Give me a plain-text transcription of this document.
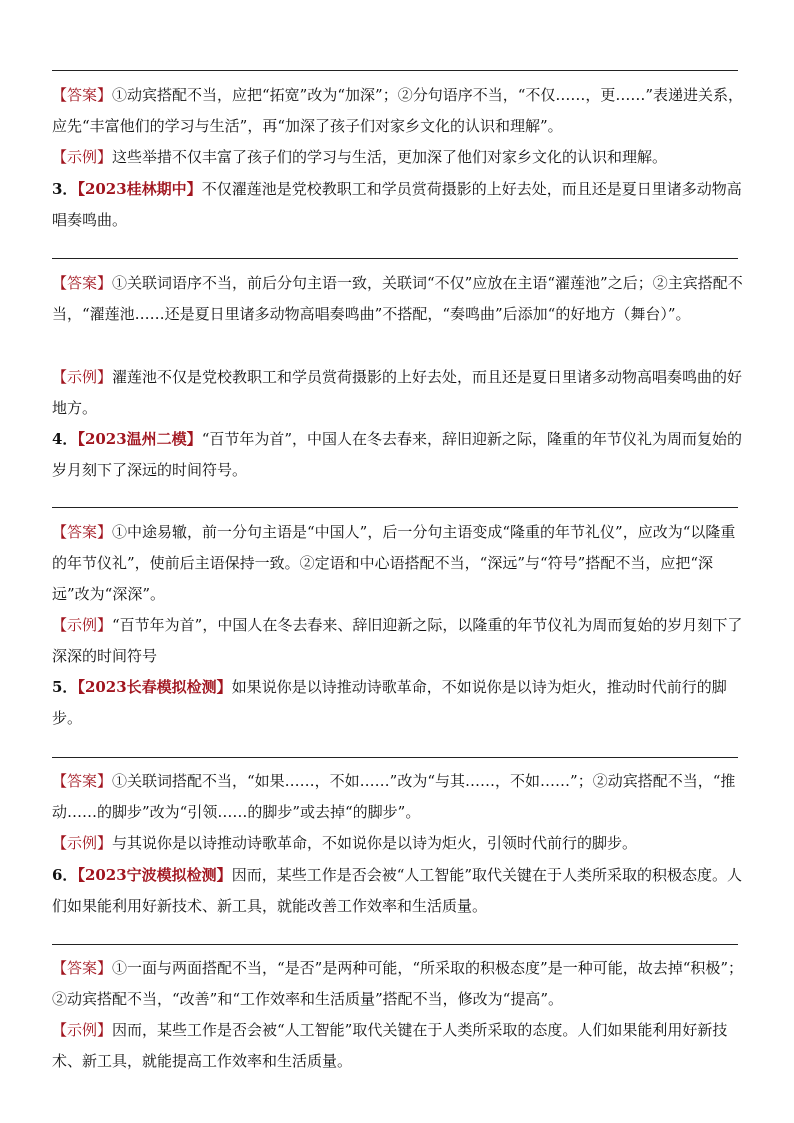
【答案】①动宾搭配不当，应把“拓宽”改为“加深”；②分句语序不当，“不仅……，更……”表递进关系，应先“丰富他们的学习与生活”，再“加深了孩子们对家乡文化的认识和理解”。

【示例】这些举措不仅丰富了孩子们的学习与生活，更加深了他们对家乡文化的认识和理解。

3．【2023桂林期中】不仅濯莲池是党校教职工和学员赏荷摄影的上好去处，而且还是夏日里诸多动物高唱奏鸣曲。

【答案】①关联词语序不当，前后分句主语一致，关联词“不仅”应放在主语“濯莲池”之后；②主宾搭配不当，“濯莲池……还是夏日里诸多动物高唱奏鸣曲”不搭配，“奏鸣曲”后添加“的好地方（舞台）”。

【示例】濯莲池不仅是党校教职工和学员赏荷摄影的上好去处，而且还是夏日里诸多动物高唱奏鸣曲的好地方。

4．【2023温州二模】“百节年为首”，中国人在冬去春来，辞旧迎新之际，隆重的年节仪礼为周而复始的岁月刻下了深远的时间符号。

【答案】①中途易辙，前一分句主语是“中国人”，后一分句主语变成“隆重的年节礼仪”，应改为“以隆重的年节仪礼”，使前后主语保持一致。②定语和中心语搭配不当，“深远”与“符号”搭配不当，应把“深远”改为“深深”。

【示例】“百节年为首”，中国人在冬去春来、辞旧迎新之际，以隆重的年节仪礼为周而复始的岁月刻下了深深的时间符号

5．【2023长春模拟检测】如果说你是以诗推动诗歌革命，不如说你是以诗为炬火，推动时代前行的脚步。

【答案】①关联词搭配不当，“如果……，不如……”改为“与其……，不如……”；②动宾搭配不当，“推动……的脚步”改为“引领……的脚步”或去掉“的脚步”。

【示例】与其说你是以诗推动诗歌革命，不如说你是以诗为炬火，引领时代前行的脚步。

6．【2023宁波模拟检测】因而，某些工作是否会被“人工智能”取代关键在于人类所采取的积极态度。人们如果能利用好新技术、新工具，就能改善工作效率和生活质量。

【答案】①一面与两面搭配不当，“是否”是两种可能，“所采取的积极态度”是一种可能，故去掉“积极”；②动宾搭配不当，“改善”和“工作效率和生活质量”搭配不当，修改为“提高”。

【示例】因而，某些工作是否会被“人工智能”取代关键在于人类所采取的态度。人们如果能利用好新技术、新工具，就能提高工作效率和生活质量。
